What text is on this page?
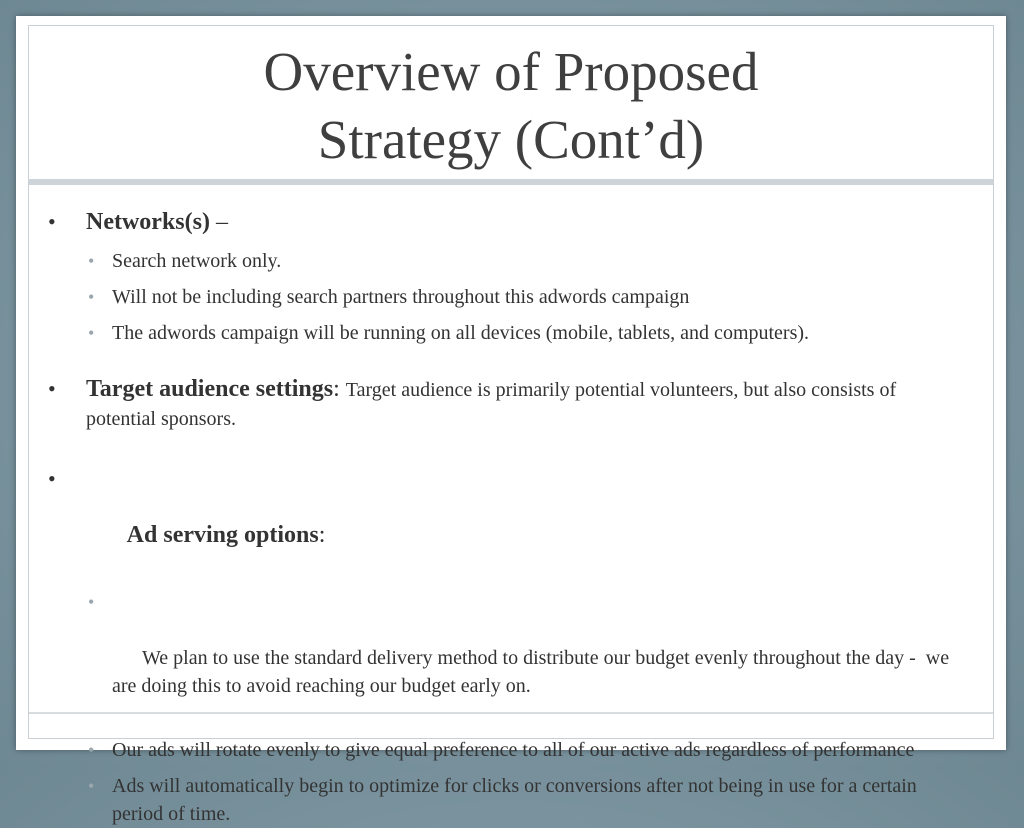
Overview of Proposed
Strategy (Cont’d)
• Networks(s) –
• Search network only.
• Will not be including search partners throughout this adwords campaign
• The adwords campaign will be running on all devices (mobile, tablets, and computers).
• Target audience settings: Target audience is primarily potential volunteers, but also consists of potential sponsors.

•

Ad serving options:

•

We plan to use the standard delivery method to distribute our budget evenly throughout the day -  we are doing this to avoid reaching our budget early on.

• Our ads will rotate evenly to give equal preference to all of our active ads regardless of performance
• Ads will automatically begin to optimize for clicks or conversions after not being in use for a certain period of time.
